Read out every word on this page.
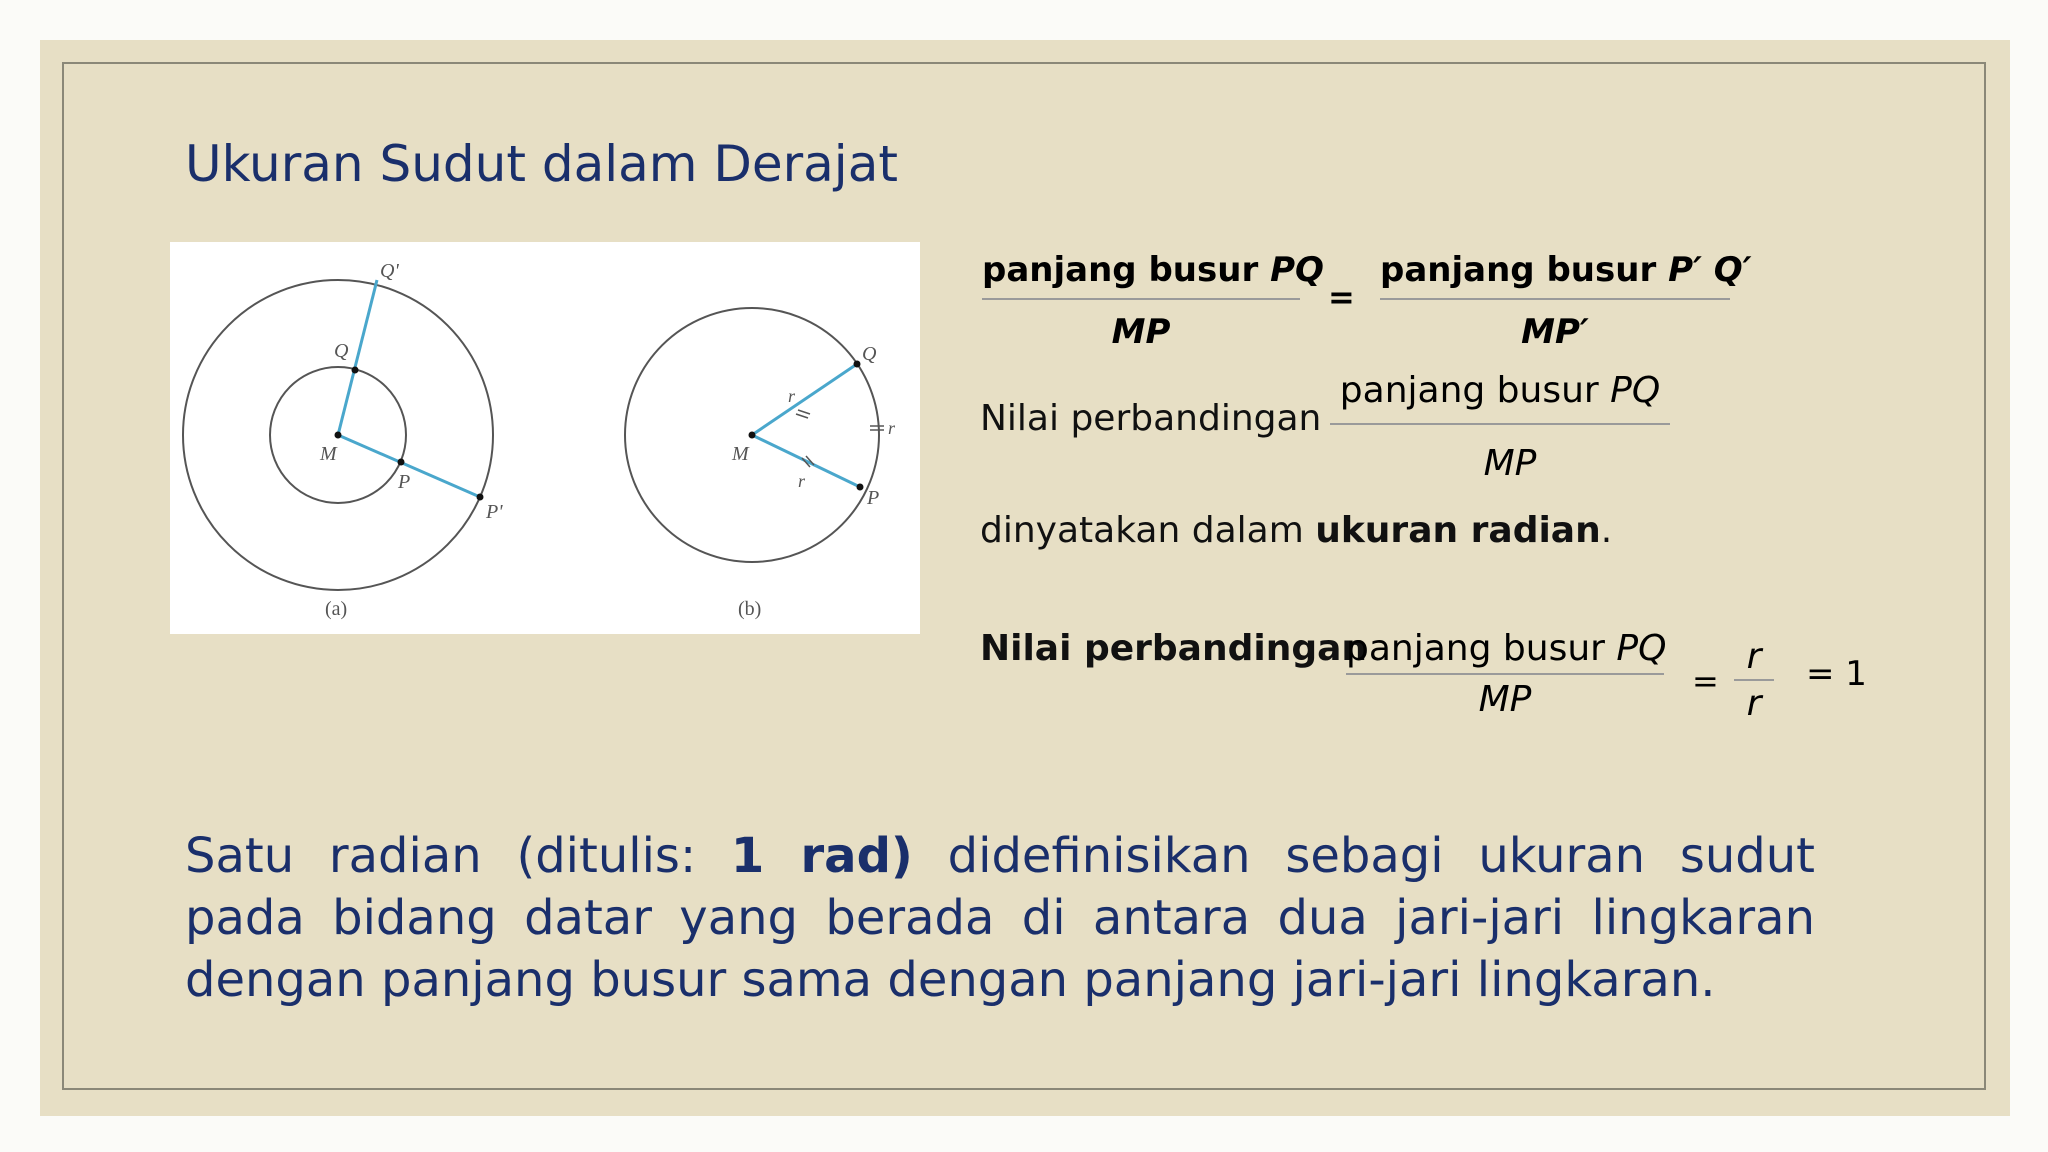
Ukuran Sudut dalam Derajat
Q'
Q
M
P
P'
(a)
Q
M
P
r
r
r
(b)
panjang busur PQ
MP
=
panjang busur P′ Q′
MP′
Nilai perbandingan
panjang busur PQ
MP
dinyatakan dalam ukuran radian.
Nilai perbandingan
panjang busur PQ
MP	= $\frac{r}{r} = 1$
Satu radian (ditulis: 1 rad) didefinisikan sebagi ukuran sudut
pada bidang datar yang berada di antara dua jari-jari lingkaran
dengan panjang busur sama dengan panjang jari-jari lingkaran.
